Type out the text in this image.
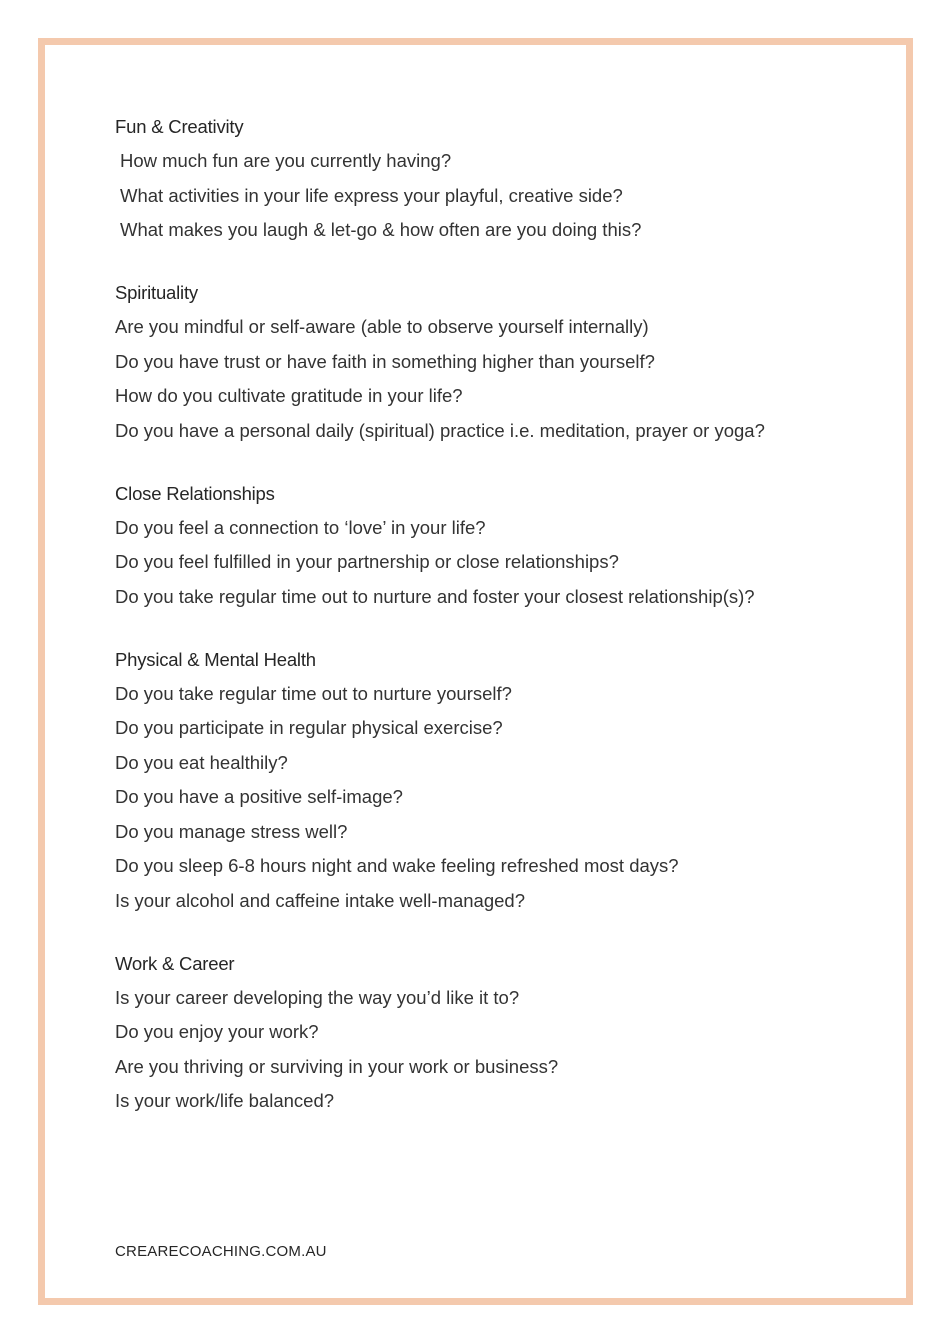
Fun & Creativity
How much fun are you currently having?
What activities in your life express your playful, creative side?
What makes you laugh & let-go & how often are you doing this?
Spirituality
Are you mindful or self-aware (able to observe yourself internally)
Do you have trust or have faith in something higher than yourself?
How do you cultivate gratitude in your life?
Do you have a personal daily (spiritual) practice i.e. meditation, prayer or yoga?
Close Relationships
Do you feel a connection to ‘love’ in your life?
Do you feel fulfilled in your partnership or close relationships?
Do you take regular time out to nurture and foster your closest relationship(s)?
Physical & Mental Health
Do you take regular time out to nurture yourself?
Do you participate in regular physical exercise?
Do you eat healthily?
Do you have a positive self-image?
Do you manage stress well?
Do you sleep 6-8 hours night and wake feeling refreshed most days?
Is your alcohol and caffeine intake well-managed?
Work & Career
Is your career developing the way you’d like it to?
Do you enjoy your work?
Are you thriving or surviving in your work or business?
Is your work/life balanced?
CREARECOACHING.COM.AU
